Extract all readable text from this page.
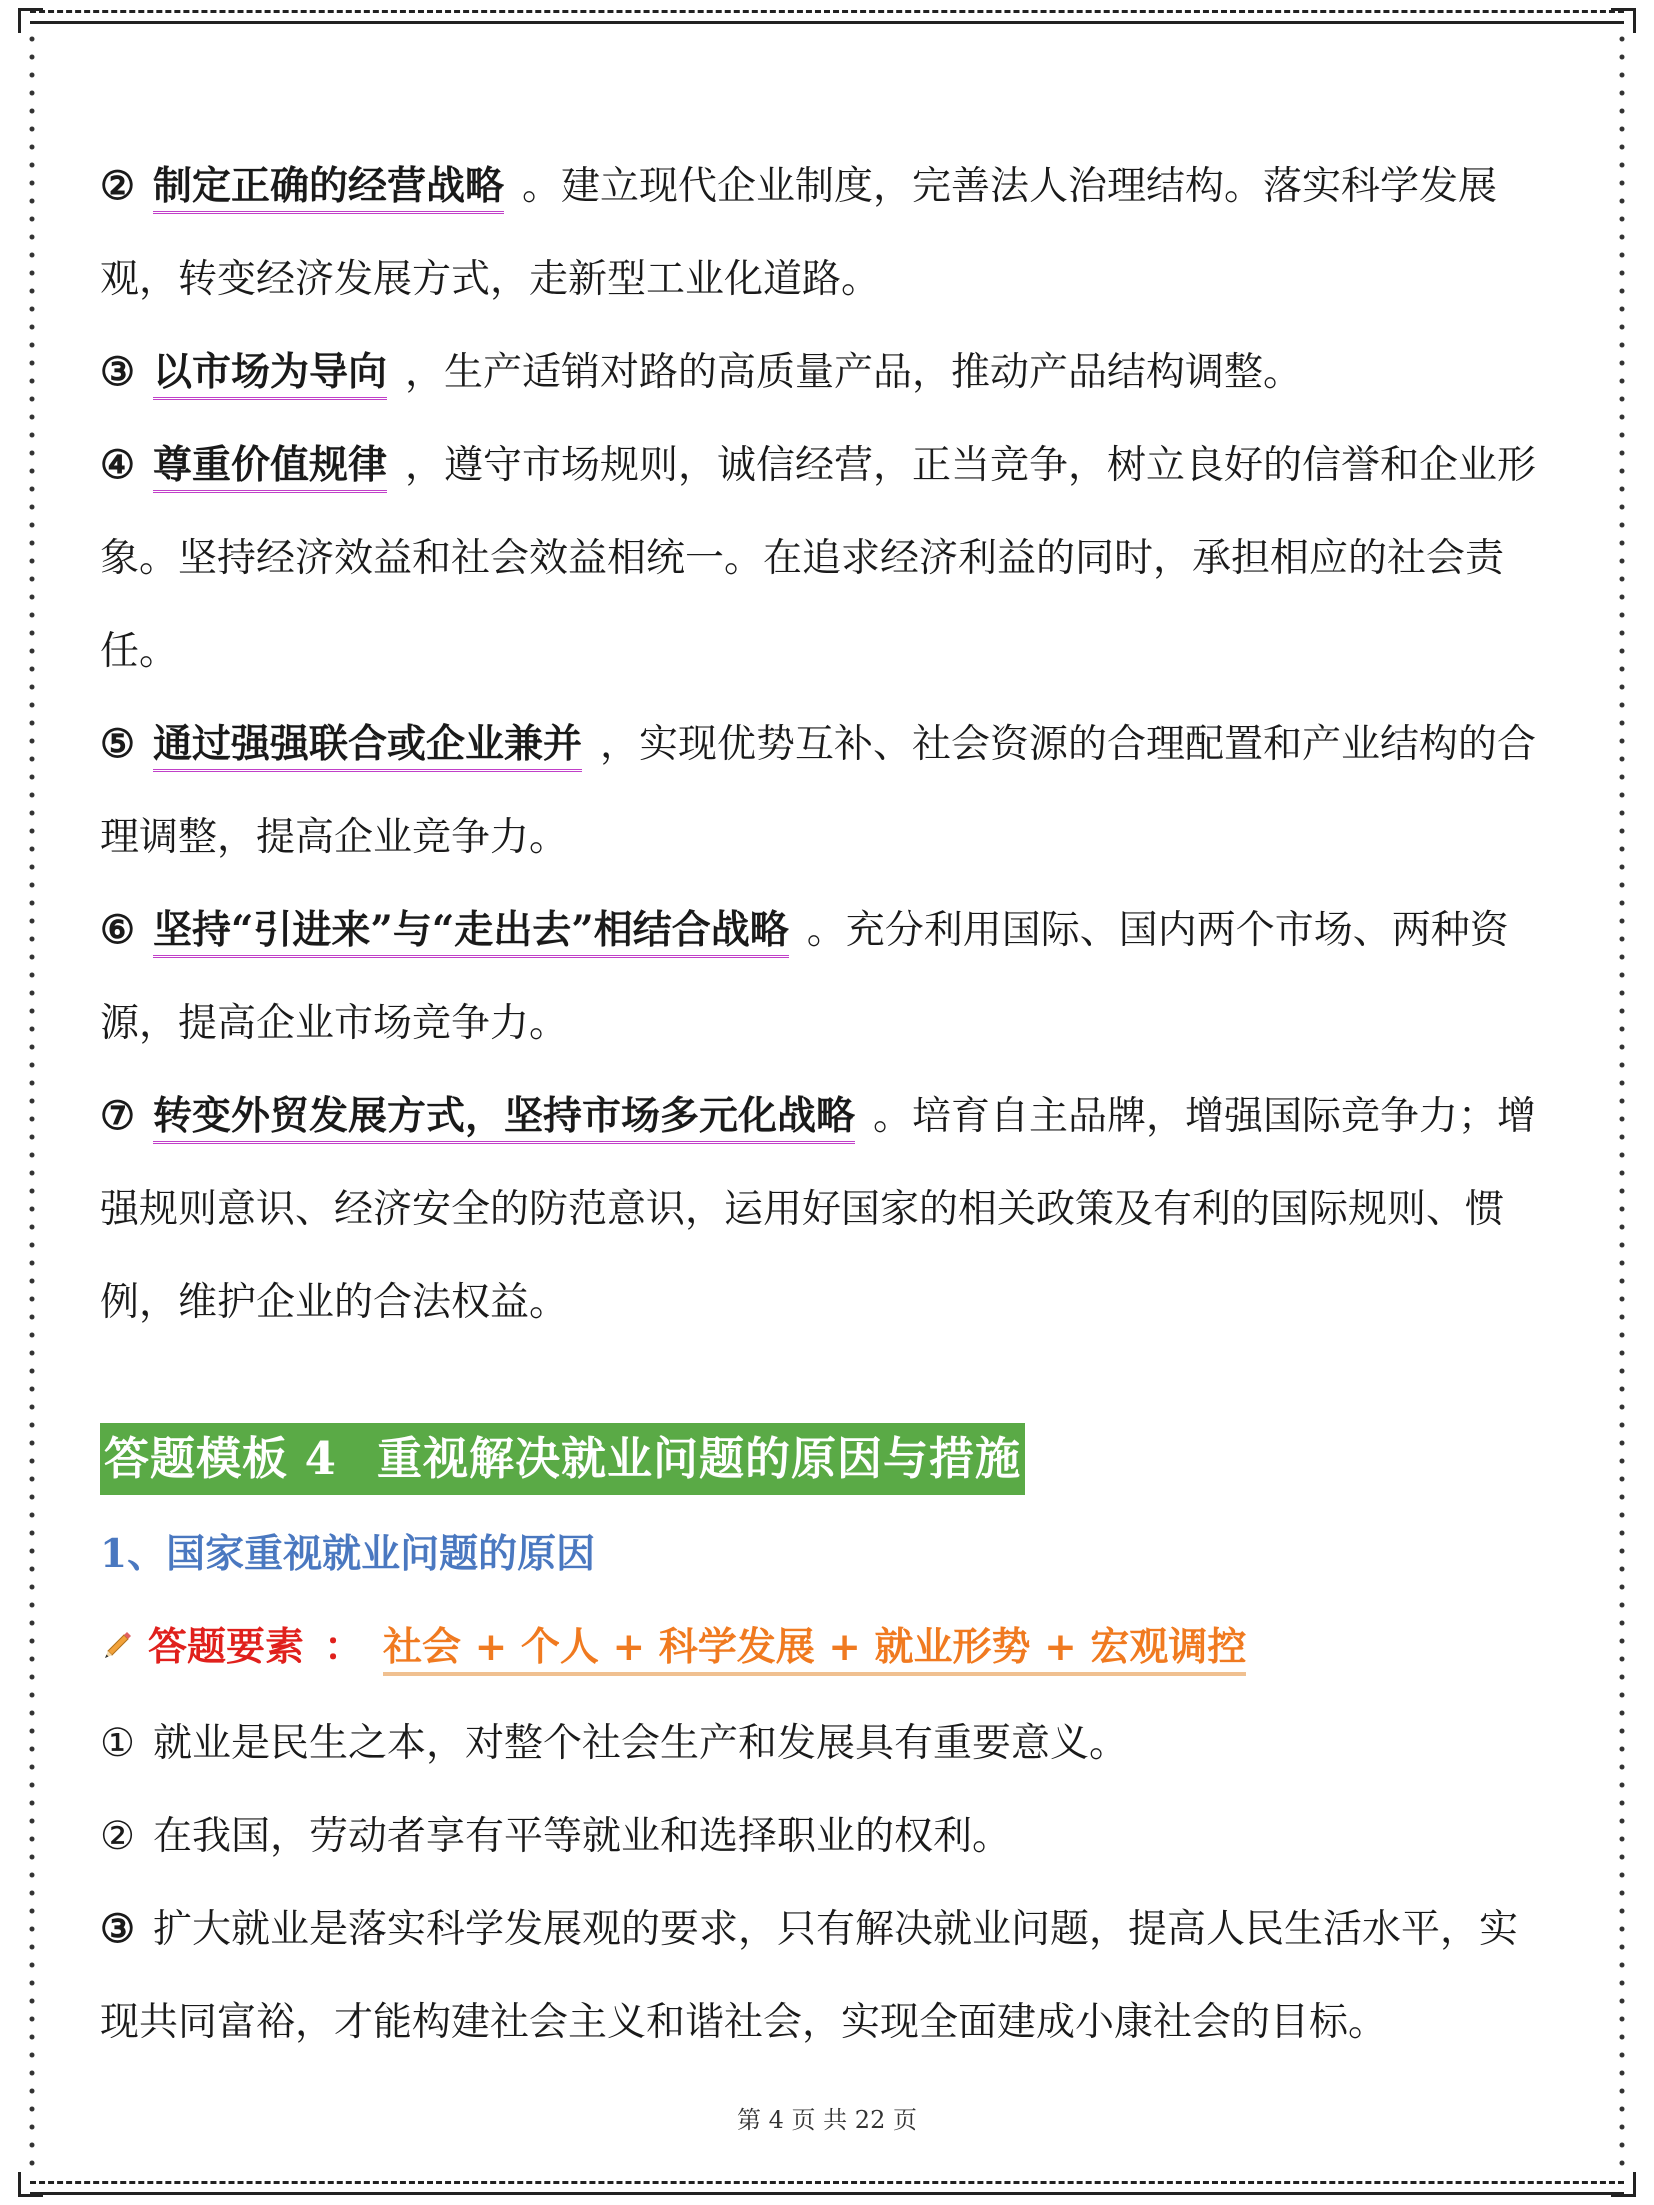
② 制定正确的经营战略 。建立现代企业制度，完善法人治理结构。落实科学发展观，转变经济发展方式，走新型工业化道路。

③ 以市场为导向 ，生产适销对路的高质量产品，推动产品结构调整。

④ 尊重价值规律 ，遵守市场规则，诚信经营，正当竞争，树立良好的信誉和企业形象。坚持经济效益和社会效益相统一。在追求经济利益的同时，承担相应的社会责任。

⑤ 通过强强联合或企业兼并 ，实现优势互补、社会资源的合理配置和产业结构的合理调整，提高企业竞争力。

⑥ 坚持“引进来”与“走出去”相结合战略 。充分利用国际、国内两个市场、两种资源，提高企业市场竞争力。

⑦ 转变外贸发展方式，坚持市场多元化战略 。培育自主品牌，增强国际竞争力；增强规则意识、经济安全的防范意识，运用好国家的相关政策及有利的国际规则、惯例，维护企业的合法权益。

答题模板 4 重视解决就业问题的原因与措施

1、国家重视就业问题的原因

答题要素 ： 社会 + 个人 + 科学发展 + 就业形势 + 宏观调控

① 就业是民生之本，对整个社会生产和发展具有重要意义。

② 在我国，劳动者享有平等就业和选择职业的权利。

③ 扩大就业是落实科学发展观的要求，只有解决就业问题，提高人民生活水平，实现共同富裕，才能构建社会主义和谐社会，实现全面建成小康社会的目标。

第 4 页 共 22 页
